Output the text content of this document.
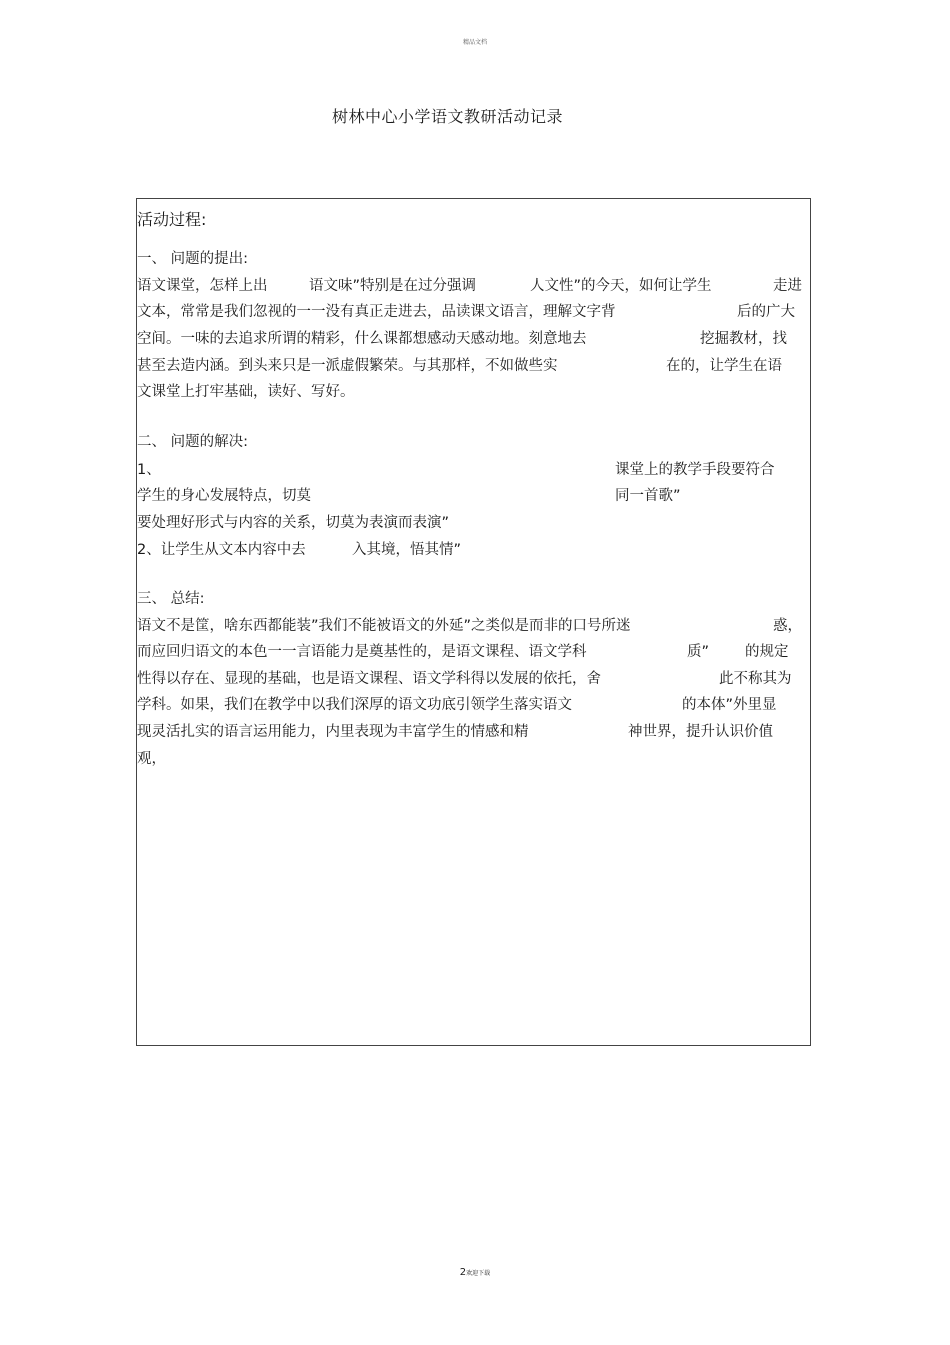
精品文档
树林中心小学语文教研活动记录
活动过程:
一、 问题的提出:
语文课堂，怎样上出	语文味”特别是在过分强调	人文性”的今天，如何让学生	走进
文本，常常是我们忽视的一一没有真正走进去，品读课文语言，理解文字背	后的广大
空间。一味的去追求所谓的精彩，什么课都想感动天感动地。刻意地去	挖掘教材，找
甚至去造内涵。到头来只是一派虚假繁荣。与其那样，不如做些实	在的，让学生在语
文课堂上打牢基础，读好、写好。
二、 问题的解决:
1、	课堂上的教学手段要符合
学生的身心发展特点，切莫	同一首歌”
要处理好形式与内容的关系，切莫为表演而表演”
2、让学生从文本内容中去	入其境，悟其情”
三、 总结:
语文不是筐，啥东西都能装”我们不能被语文的外延”之类似是而非的口号所迷	惑，
而应回归语文的本色一一言语能力是奠基性的，是语文课程、语文学科	质” 的规定
性得以存在、显现的基础，也是语文课程、语文学科得以发展的依托，舍	此不称其为
学科。如果，我们在教学中以我们深厚的语文功底引领学生落实语文	的本体”外里显
现灵活扎实的语言运用能力，内里表现为丰富学生的情感和精	神世界，提升认识价值
观，
2欢迎下载
